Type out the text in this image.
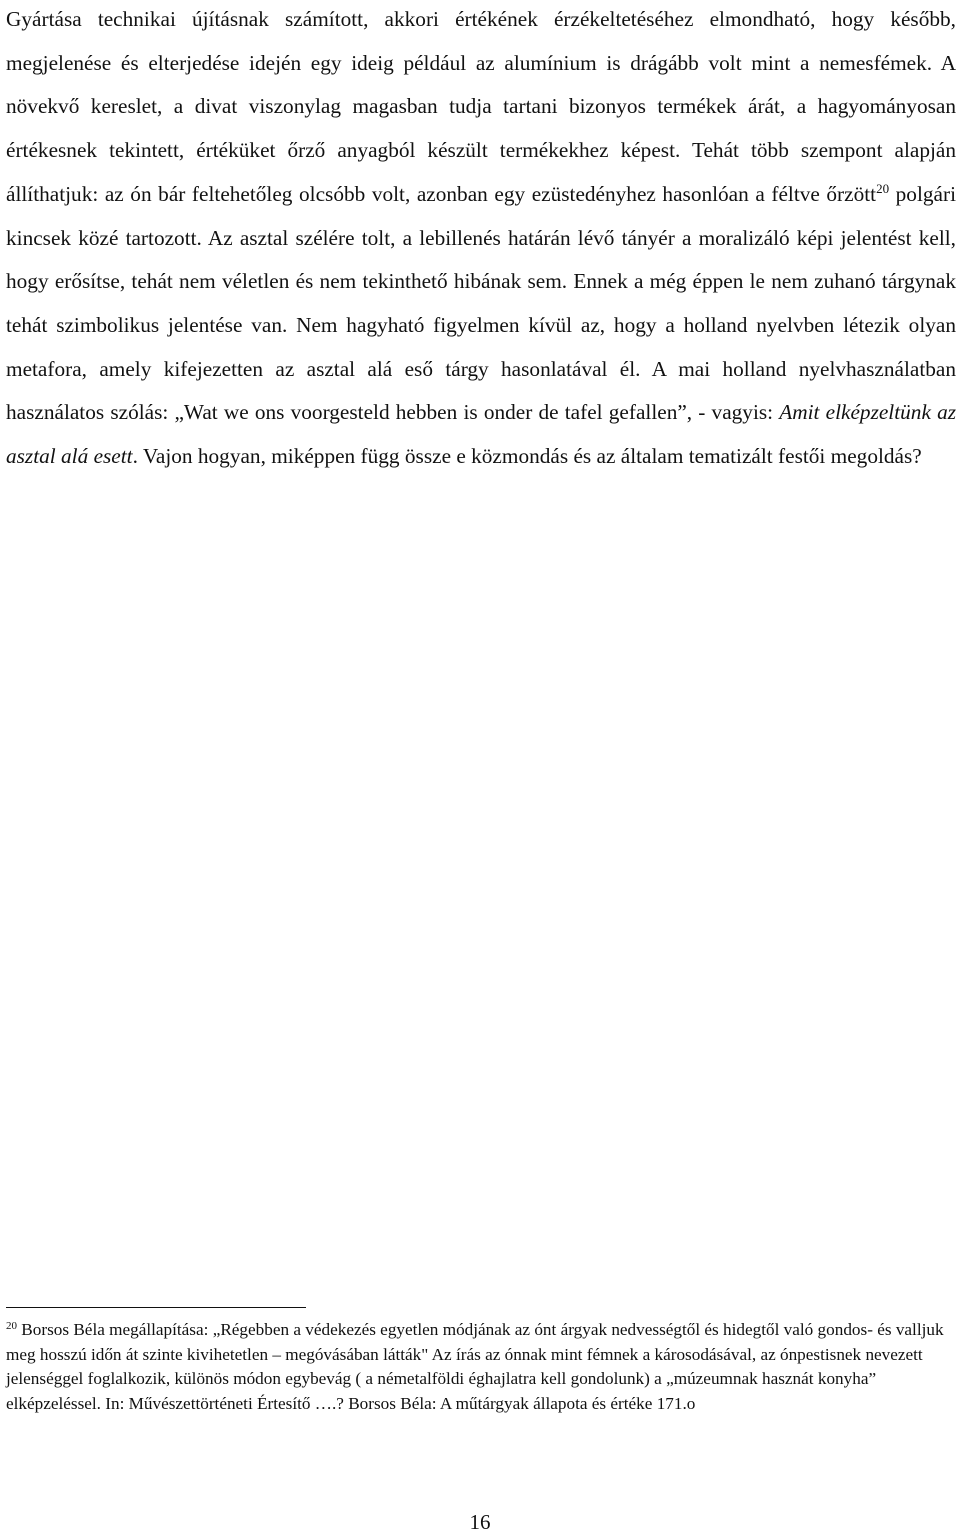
Gyártása technikai újításnak számított, akkori értékének érzékeltetéséhez elmondható, hogy később, megjelenése és elterjedése idején egy ideig például az alumínium is drágább volt mint a nemesfémek. A növekvő kereslet, a divat viszonylag magasban tudja tartani bizonyos termékek árát, a hagyományosan értékesnek tekintett, értéküket őrző anyagból készült termékekhez képest. Tehát több szempont alapján állíthatjuk: az ón bár feltehetőleg olcsóbb volt, azonban egy ezüstedényhez hasonlóan a féltve őrzött$^{20}$ polgári kincsek közé tartozott. Az asztal szélére tolt, a lebillenés határán lévő tányér a moralizáló képi jelentést kell, hogy erősítse, tehát nem véletlen és nem tekinthető hibának sem. Ennek a még éppen le nem zuhanó tárgynak tehát szimbolikus jelentése van. Nem hagyható figyelmen kívül az, hogy a holland nyelvben létezik olyan metafora, amely kifejezetten az asztal alá eső tárgy hasonlatával él. A mai holland nyelvhasználatban használatos szólás: „Wat we ons voorgesteld hebben is onder de tafel gefallen”, - vagyis: Amit elképzeltünk az asztal alá esett. Vajon hogyan, miképpen függ össze e közmondás és az általam tematizált festői megoldás?

$^{20}$ Borsos Béla megállapítása: „Régebben a védekezés egyetlen módjának az ónt árgyak nedvességtől és hidegtől való gondos- és valljuk meg hosszú időn át szinte kivihetetlen – megóvásában látták" Az írás az ónnak mint fémnek a károsodásával, az ónpestisnek nevezett jelenséggel foglalkozik, különös módon egybevág ( a németalföldi éghajlatra kell gondolunk) a „múzeumnak hasznát konyha” elképzeléssel. In: Művészettörténeti Értesítő ….? Borsos Béla: A műtárgyak állapota és értéke 171.o

16
